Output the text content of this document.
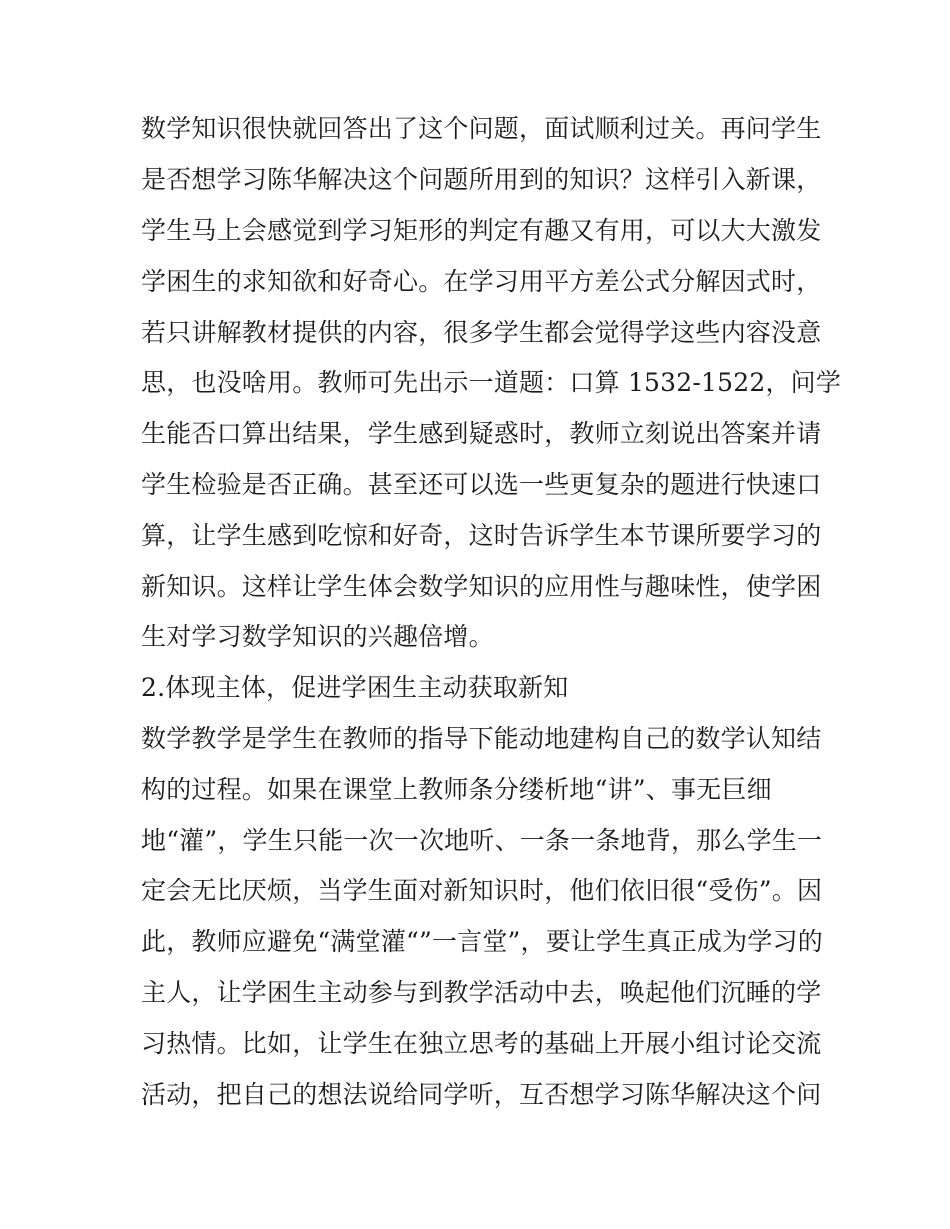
数学知识很快就回答出了这个问题，面试顺利过关。再问学生
是否想学习陈华解决这个问题所用到的知识？这样引入新课，
学生马上会感觉到学习矩形的判定有趣又有用，可以大大激发
学困生的求知欲和好奇心。在学习用平方差公式分解因式时，
若只讲解教材提供的内容，很多学生都会觉得学这些内容没意
思，也没啥用。教师可先出示一道题：口算 1532-1522，问学
生能否口算出结果，学生感到疑惑时，教师立刻说出答案并请
学生检验是否正确。甚至还可以选一些更复杂的题进行快速口
算，让学生感到吃惊和好奇，这时告诉学生本节课所要学习的
新知识。这样让学生体会数学知识的应用性与趣味性，使学困
生对学习数学知识的兴趣倍增。
2.体现主体，促进学困生主动获取新知
数学教学是学生在教师的指导下能动地建构自己的数学认知结
构的过程。如果在课堂上教师条分缕析地“讲”、事无巨细
地“灌”，学生只能一次一次地听、一条一条地背，那么学生一
定会无比厌烦，当学生面对新知识时，他们依旧很“受伤”。因
此，教师应避免“满堂灌“”一言堂”，要让学生真正成为学习的
主人，让学困生主动参与到教学活动中去，唤起他们沉睡的学
习热情。比如，让学生在独立思考的基础上开展小组讨论交流
活动，把自己的想法说给同学听，互否想学习陈华解决这个问
